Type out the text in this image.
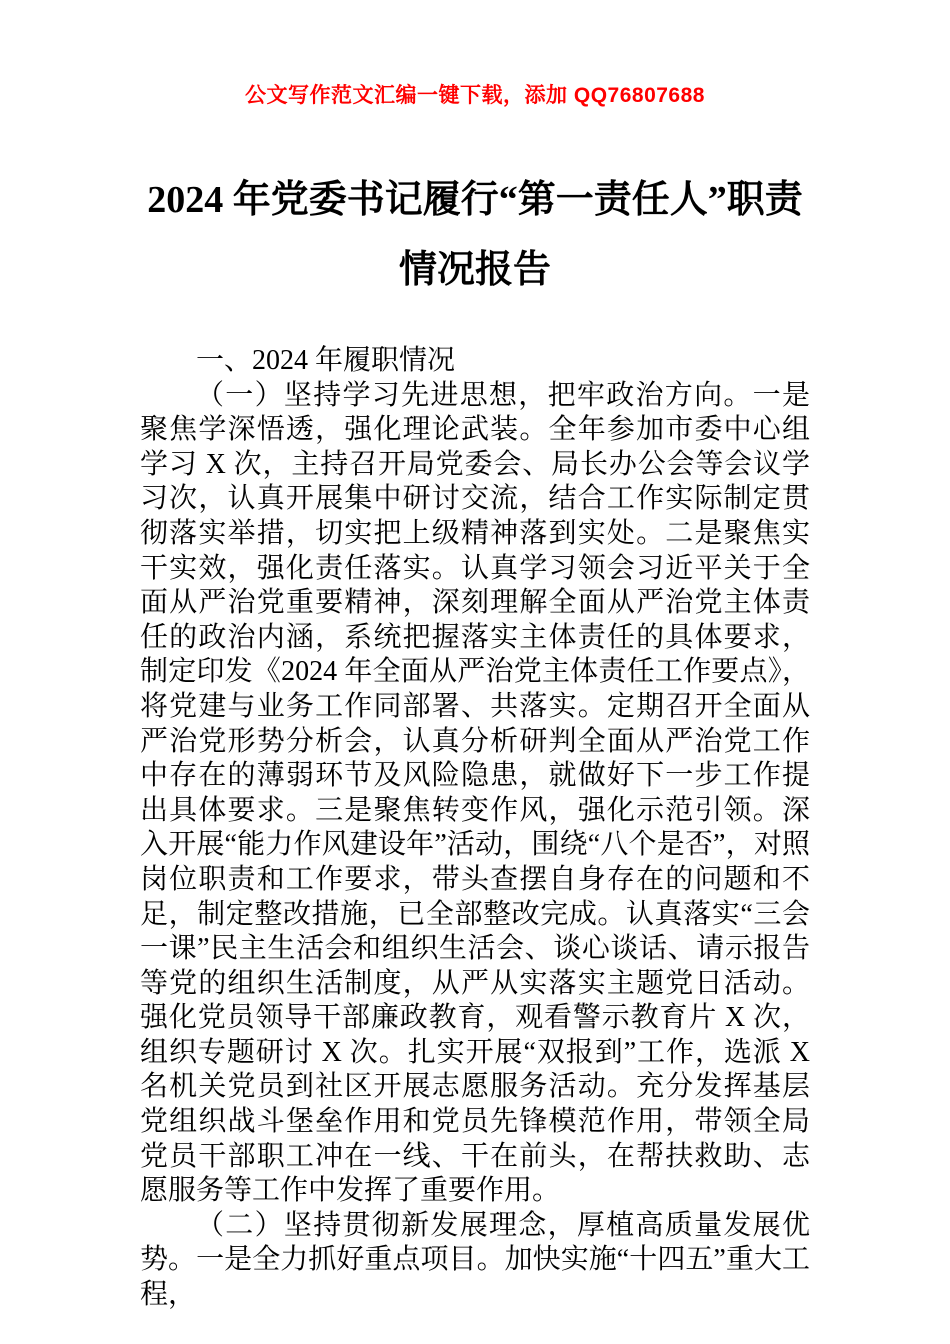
公文写作范文汇编一键下载，添加 QQ76807688
2024 年党委书记履行“第一责任人”职责
情况报告

一、2024 年履职情况

（一）坚持学习先进思想，把牢政治方向。一是聚焦学深悟透，强化理论武装。全年参加市委中心组学习 X 次，主持召开局党委会、局长办公会等会议学习次，认真开展集中研讨交流，结合工作实际制定贯彻落实举措，切实把上级精神落到实处。二是聚焦实干实效，强化责任落实。认真学习领会习近平关于全面从严治党重要精神，深刻理解全面从严治党主体责任的政治内涵，系统把握落实主体责任的具体要求，制定印发《2024 年全面从严治党主体责任工作要点》，将党建与业务工作同部署、共落实。定期召开全面从严治党形势分析会，认真分析研判全面从严治党工作中存在的薄弱环节及风险隐患，就做好下一步工作提出具体要求。三是聚焦转变作风，强化示范引领。深入开展“能力作风建设年”活动，围绕“八个是否”，对照岗位职责和工作要求，带头查摆自身存在的问题和不足，制定整改措施，已全部整改完成。认真落实“三会一课”民主生活会和组织生活会、谈心谈话、请示报告等党的组织生活制度，从严从实落实主题党日活动。强化党员领导干部廉政教育，观看警示教育片 X 次，组织专题研讨 X 次。扎实开展“双报到”工作，选派 X 名机关党员到社区开展志愿服务活动。充分发挥基层党组织战斗堡垒作用和党员先锋模范作用，带领全局党员干部职工冲在一线、干在前头，在帮扶救助、志愿服务等工作中发挥了重要作用。

（二）坚持贯彻新发展理念，厚植高质量发展优势。一是全力抓好重点项目。加快实施“十四五”重大工程，
